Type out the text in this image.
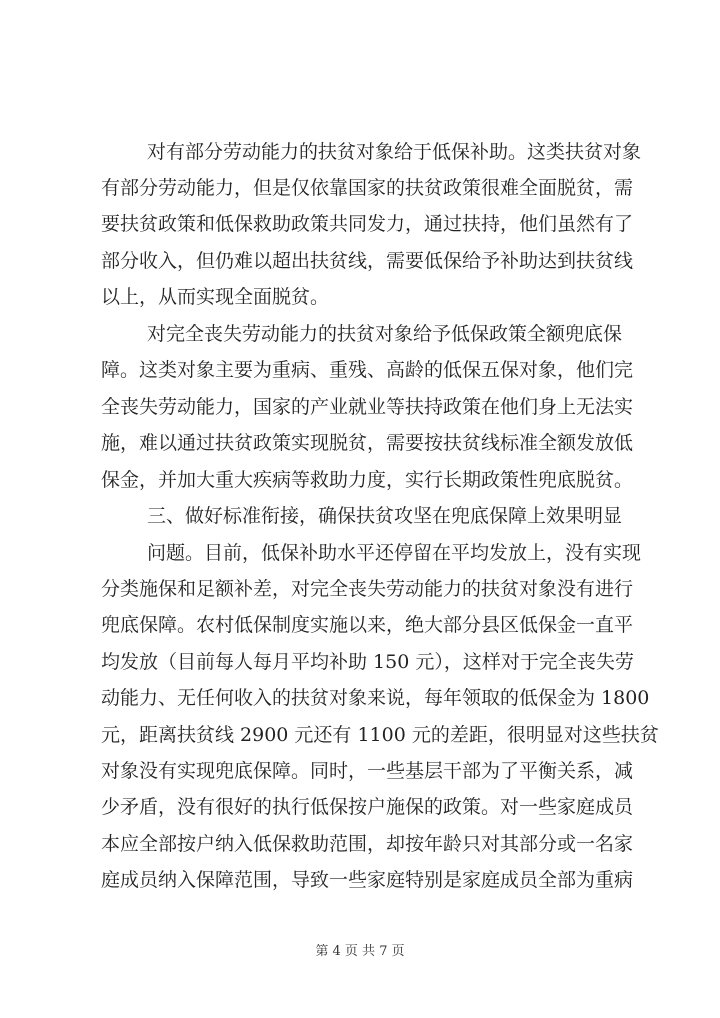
对有部分劳动能力的扶贫对象给于低保补助。这类扶贫对象
有部分劳动能力，但是仅依靠国家的扶贫政策很难全面脱贫，需
要扶贫政策和低保救助政策共同发力，通过扶持，他们虽然有了
部分收入，但仍难以超出扶贫线，需要低保给予补助达到扶贫线
以上，从而实现全面脱贫。
对完全丧失劳动能力的扶贫对象给予低保政策全额兜底保
障。这类对象主要为重病、重残、高龄的低保五保对象，他们完
全丧失劳动能力，国家的产业就业等扶持政策在他们身上无法实
施，难以通过扶贫政策实现脱贫，需要按扶贫线标准全额发放低
保金，并加大重大疾病等救助力度，实行长期政策性兜底脱贫。
三、做好标准衔接，确保扶贫攻坚在兜底保障上效果明显
问题。目前，低保补助水平还停留在平均发放上，没有实现
分类施保和足额补差，对完全丧失劳动能力的扶贫对象没有进行
兜底保障。农村低保制度实施以来，绝大部分县区低保金一直平
均发放（目前每人每月平均补助 150 元），这样对于完全丧失劳
动能力、无任何收入的扶贫对象来说，每年领取的低保金为 1800
元，距离扶贫线 2900 元还有 1100 元的差距，很明显对这些扶贫
对象没有实现兜底保障。同时，一些基层干部为了平衡关系，减
少矛盾，没有很好的执行低保按户施保的政策。对一些家庭成员
本应全部按户纳入低保救助范围，却按年龄只对其部分或一名家
庭成员纳入保障范围，导致一些家庭特别是家庭成员全部为重病
第 4 页 共 7 页
